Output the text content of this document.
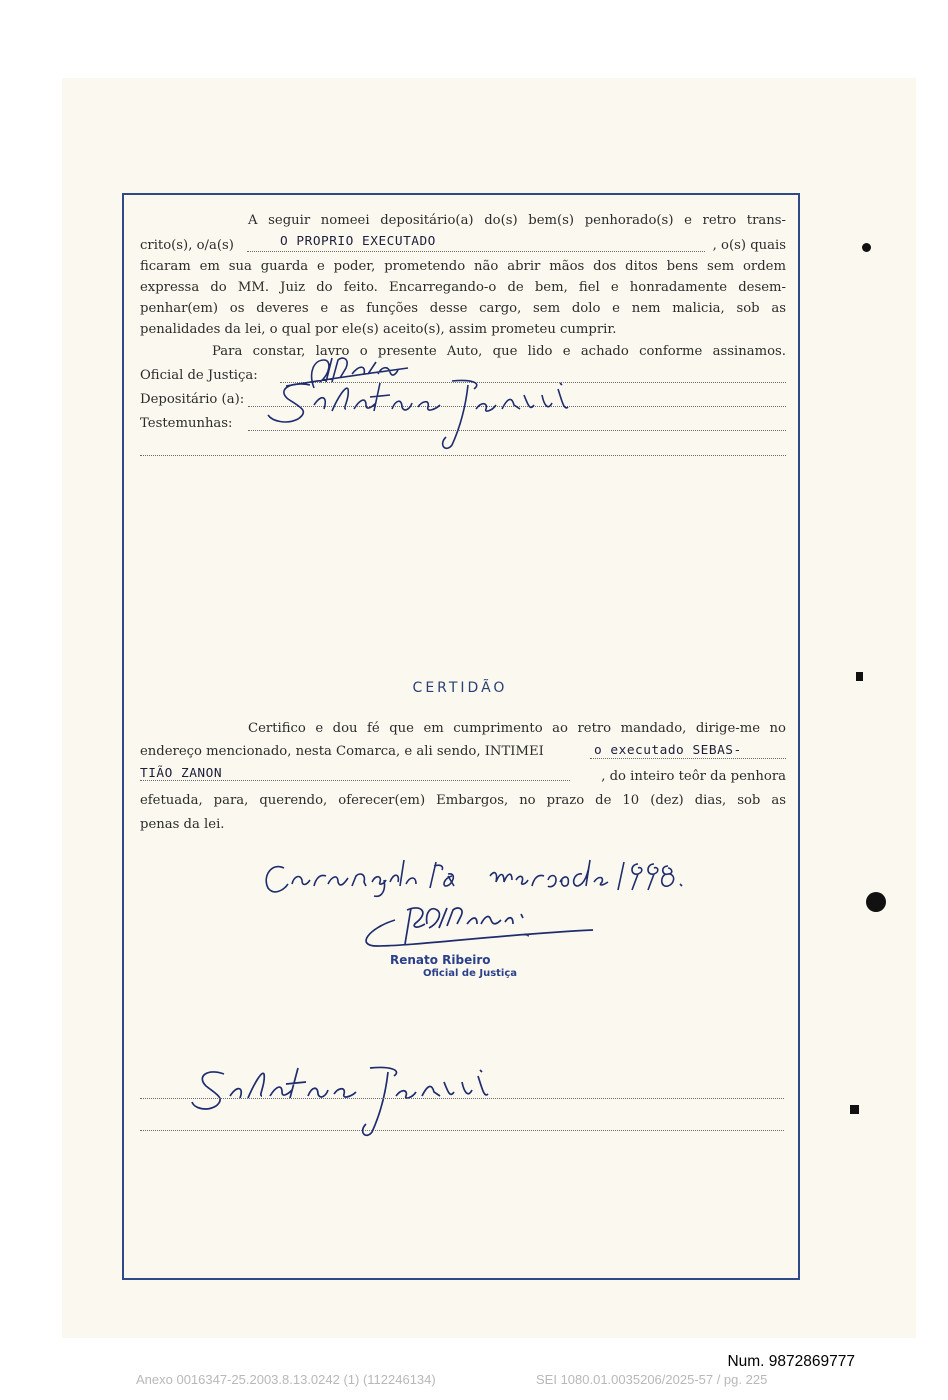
A seguir nomeei depositário(a) do(s) bem(s) penhorado(s) e retro trans-
crito(s), o/a(s)	O PROPRIO EXECUTADO	, o(s) quais
ficaram em sua guarda e poder, prometendo não abrir mãos dos ditos bens sem ordem
expressa do MM. Juiz do feito. Encarregando-o de bem, fiel e honradamente desem-
penhar(em) os deveres e as funções desse cargo, sem dolo e nem malicia, sob as
penalidades da lei, o qual por ele(s) aceito(s), assim prometeu cumprir.
Para constar, lavro o presente Auto, que lido e achado conforme assinamos.
Oficial de Justiça:
Depositário (a):
Testemunhas:
CERTIDÃO
Certifico e dou fé que em cumprimento ao retro mandado, dirige-me no
endereço mencionado, nesta Comarca, e ali sendo, INTIMEI	o executado SEBAS-
TIÃO ZANON	, do inteiro teôr da penhora
efetuada, para, querendo, oferecer(em) Embargos, no prazo de 10 (dez) dias, sob as
penas da lei.
Renato Ribeiro
Oficial de Justiça
Num. 9872869777
Anexo 0016347-25.2003.8.13.0242 (1) (112246134)	SEI 1080.01.0035206/2025-57 / pg. 225
